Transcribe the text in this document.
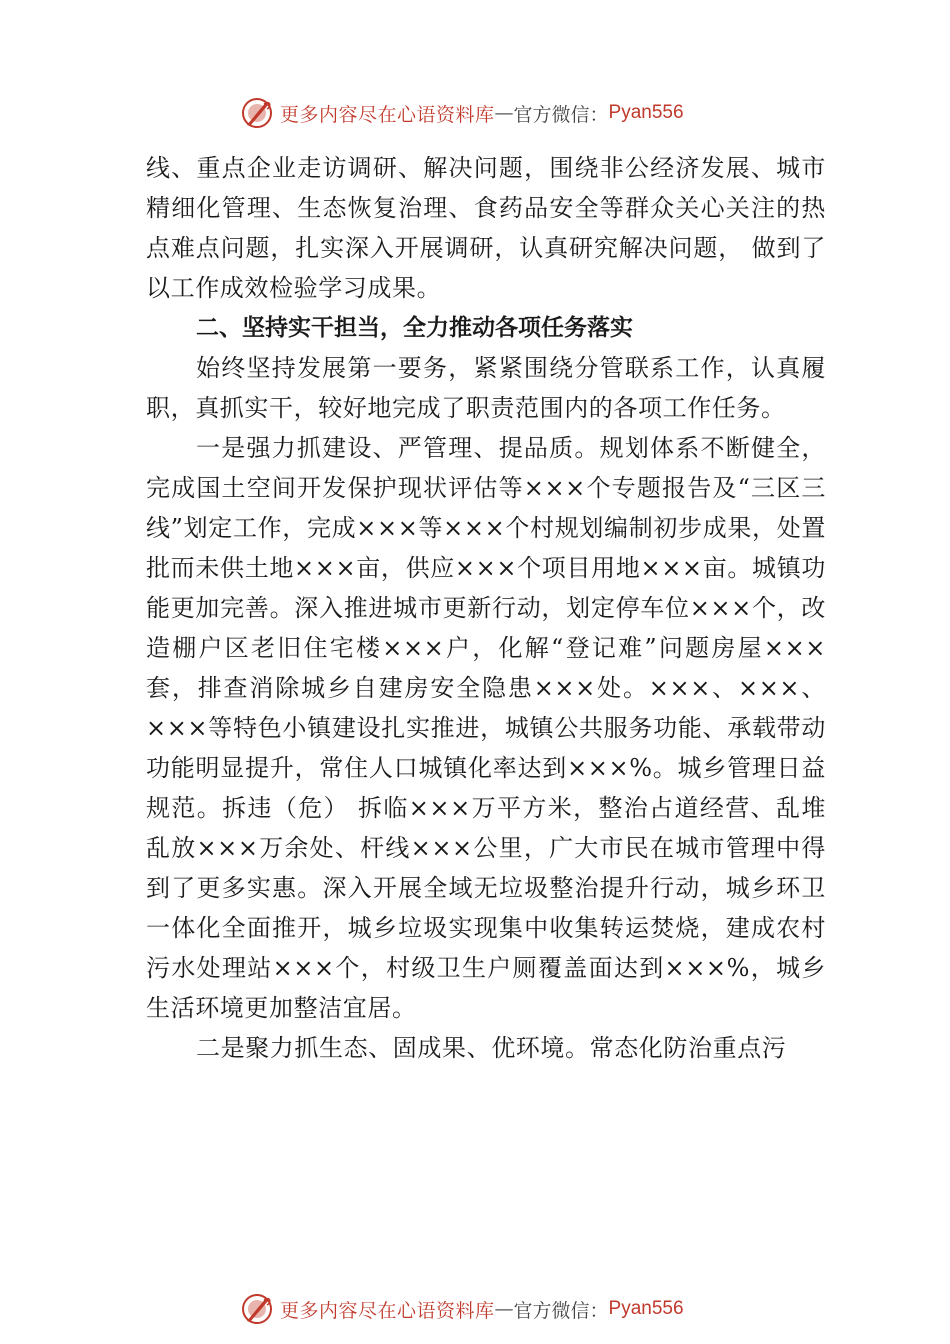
更多内容尽在心语资料库 — 官方微信： Pyan556

线、重点企业走访调研、解决问题，围绕非公经济发展、城市精细化管理、生态恢复治理、食药品安全等群众关心关注的热点难点问题，扎实深入开展调研，认真研究解决问题， 做到了以工作成效检验学习成果。

二、坚持实干担当，全力推动各项任务落实

始终坚持发展第一要务，紧紧围绕分管联系工作，认真履职，真抓实干，较好地完成了职责范围内的各项工作任务。

一是强力抓建设、严管理、提品质。规划体系不断健全，完成国土空间开发保护现状评估等×××个专题报告及“三区三线”划定工作，完成×××等×××个村规划编制初步成果，处置批而未供土地×××亩，供应×××个项目用地×××亩。城镇功能更加完善。深入推进城市更新行动，划定停车位×××个，改造棚户区老旧住宅楼×××户，化解“登记难”问题房屋×××套，排查消除城乡自建房安全隐患×××处。×××、×××、×××等特色小镇建设扎实推进，城镇公共服务功能、承载带动功能明显提升，常住人口城镇化率达到×××%。城乡管理日益规范。拆违（危） 拆临×××万平方米，整治占道经营、乱堆乱放×××万余处、杆线×××公里，广大市民在城市管理中得到了更多实惠。深入开展全域无垃圾整治提升行动，城乡环卫一体化全面推开，城乡垃圾实现集中收集转运焚烧，建成农村污水处理站×××个，村级卫生户厕覆盖面达到×××%，城乡生活环境更加整洁宜居。

二是聚力抓生态、固成果、优环境。常态化防治重点污

更多内容尽在心语资料库 — 官方微信： Pyan556
